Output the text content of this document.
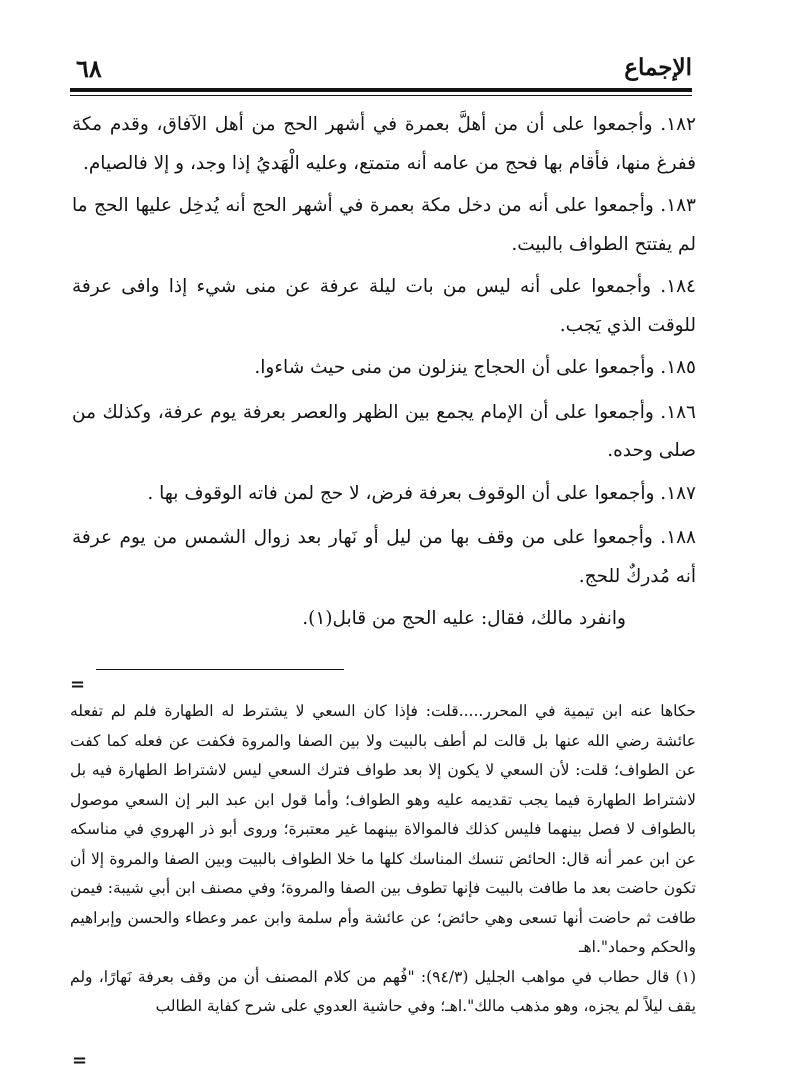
٦٨	الإجماع

١٨٢. وأجمعوا على أن من أهلَّ بعمرة في أشهر الحج من أهل الآفاق، وقدم مكة ففرغ منها، فأقام بها فحج من عامه أنه متمتع، وعليه الْهَديُ إذا وجد، و إلا فالصيام.

١٨٣. وأجمعوا على أنه من دخل مكة بعمرة في أشهر الحج أنه يُدخِل عليها الحج ما لم يفتتح الطواف بالبيت.

١٨٤. وأجمعوا على أنه ليس من بات ليلة عرفة عن منى شيء إذا وافى عرفة للوقت الذي يَجب.

١٨٥. وأجمعوا على أن الحجاج ينزلون من منى حيث شاءوا.

١٨٦. وأجمعوا على أن الإمام يجمع بين الظهر والعصر بعرفة يوم عرفة، وكذلك من صلى وحده.

١٨٧. وأجمعوا على أن الوقوف بعرفة فرض، لا حج لمن فاته الوقوف بها .

١٨٨. وأجمعوا على من وقف بها من ليل أو نَهار بعد زوال الشمس من يوم عرفة أنه مُدركٌ للحج.

وانفرد مالك، فقال: عليه الحج من قابل(١).

=

حكاها عنه ابن تيمية في المحرر.....قلت: فإذا كان السعي لا يشترط له الطهارة فلم لم تفعله عائشة رضي الله عنها بل قالت لم أطف بالبيت ولا بين الصفا والمروة فكفت عن فعله كما كفت عن الطواف؛ قلت: لأن السعي لا يكون إلا بعد طواف فترك السعي ليس لاشتراط الطهارة فيه بل لاشتراط الطهارة فيما يجب تقديمه عليه وهو الطواف؛ وأما قول ابن عبد البر إن السعي موصول بالطواف لا فصل بينهما فليس كذلك فالموالاة بينهما غير معتبرة؛ وروى أبو ذر الهروي في مناسكه عن ابن عمر أنه قال: الحائض تنسك المناسك كلها ما خلا الطواف بالبيت وبين الصفا والمروة إلا أن تكون حاضت بعد ما طافت بالبيت فإنها تطوف بين الصفا والمروة؛ وفي مصنف ابن أبي شيبة: فيمن طافت ثم حاضت أنها تسعى وهي حائض؛ عن عائشة وأم سلمة وابن عمر وعطاء والحسن وإبراهيم والحكم وحماد".اهـ

(١) قال حطاب في مواهب الجليل (٩٤/٣): "فُهم من كلام المصنف أن من وقف بعرفة نَهارًا، ولم يقف ليلاً لم يجزه، وهو مذهب مالك".اهـ؛ وفي حاشية العدوي على شرح كفاية الطالب

=
